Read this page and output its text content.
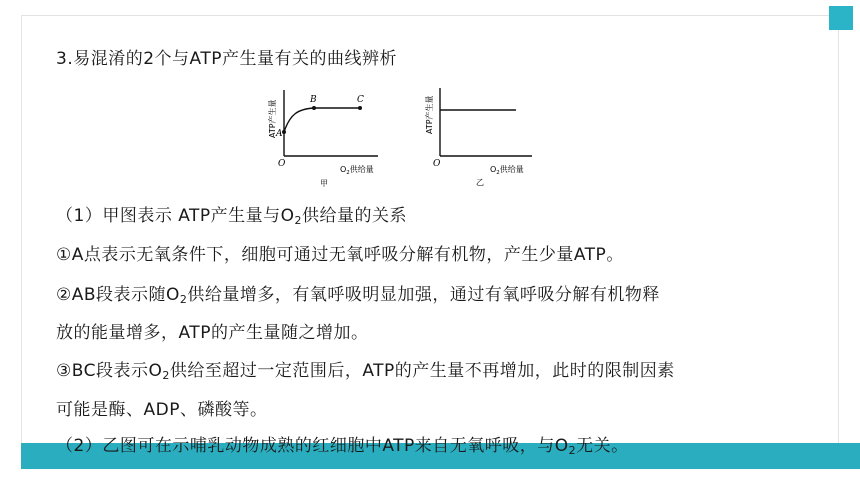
3.易混淆的2个与ATP产生量有关的曲线辨析
ATP产生量 A
B	C
O
$O_2$供给量
甲
ATP产生量
O
$O_2$供给量
乙
（1）甲图表示 ATP产生量与$O_2$供给量的关系
①A点表示无氧条件下，细胞可通过无氧呼吸分解有机物，产生少量ATP。
②AB段表示随$O_2$供给量增多，有氧呼吸明显加强，通过有氧呼吸分解有机物释
放的能量增多，ATP的产生量随之增加。
③BC段表示$O_2$供给至超过一定范围后，ATP的产生量不再增加，此时的限制因素
可能是酶、ADP、磷酸等。
（2）乙图可在示哺乳动物成熟的红细胞中ATP来自无氧呼吸，与$O_2$无关。
